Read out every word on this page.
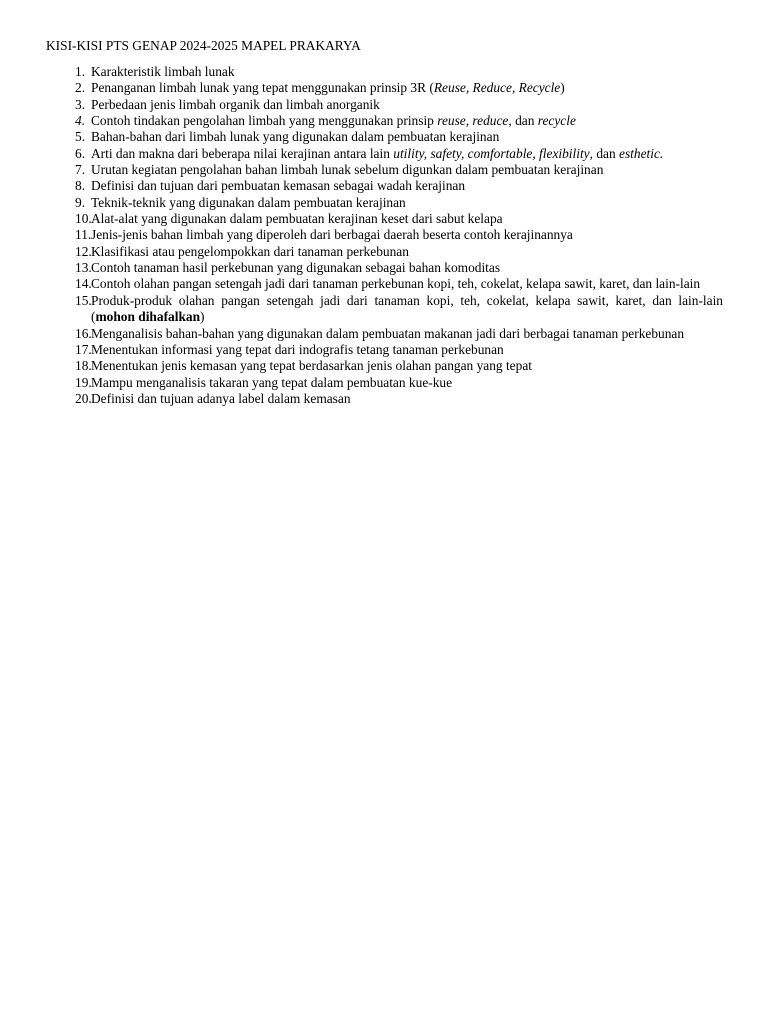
KISI-KISI PTS GENAP 2024-2025 MAPEL PRAKARYA
1. Karakteristik limbah lunak
2. Penanganan limbah lunak yang tepat menggunakan prinsip 3R (Reuse, Reduce, Recycle)
3. Perbedaan jenis limbah organik dan limbah anorganik
4. Contoh tindakan pengolahan limbah yang menggunakan prinsip reuse, reduce, dan recycle
5. Bahan-bahan dari limbah lunak yang digunakan dalam pembuatan kerajinan
6. Arti dan makna dari beberapa nilai kerajinan antara lain utility, safety, comfortable, flexibility, dan esthetic.
7. Urutan kegiatan pengolahan bahan limbah lunak sebelum digunkan dalam pembuatan kerajinan
8. Definisi dan tujuan dari pembuatan kemasan sebagai wadah kerajinan
9. Teknik-teknik yang digunakan dalam pembuatan kerajinan
10. Alat-alat yang digunakan dalam pembuatan kerajinan keset dari sabut kelapa
11. Jenis-jenis bahan limbah yang diperoleh dari berbagai daerah beserta contoh kerajinannya
12. Klasifikasi atau pengelompokkan dari tanaman perkebunan
13. Contoh tanaman hasil perkebunan yang digunakan sebagai bahan komoditas
14. Contoh olahan pangan setengah jadi dari tanaman perkebunan kopi, teh, cokelat, kelapa sawit, karet, dan lain-lain
15. Produk-produk olahan pangan setengah jadi dari tanaman kopi, teh, cokelat, kelapa sawit, karet, dan lain-lain (mohon dihafalkan)
16. Menganalisis bahan-bahan yang digunakan dalam pembuatan makanan jadi dari berbagai tanaman perkebunan
17. Menentukan informasi yang tepat dari indografis tetang tanaman perkebunan
18. Menentukan jenis kemasan yang tepat berdasarkan jenis olahan pangan yang tepat
19. Mampu menganalisis takaran yang tepat dalam pembuatan kue-kue
20. Definisi dan tujuan adanya label dalam kemasan
